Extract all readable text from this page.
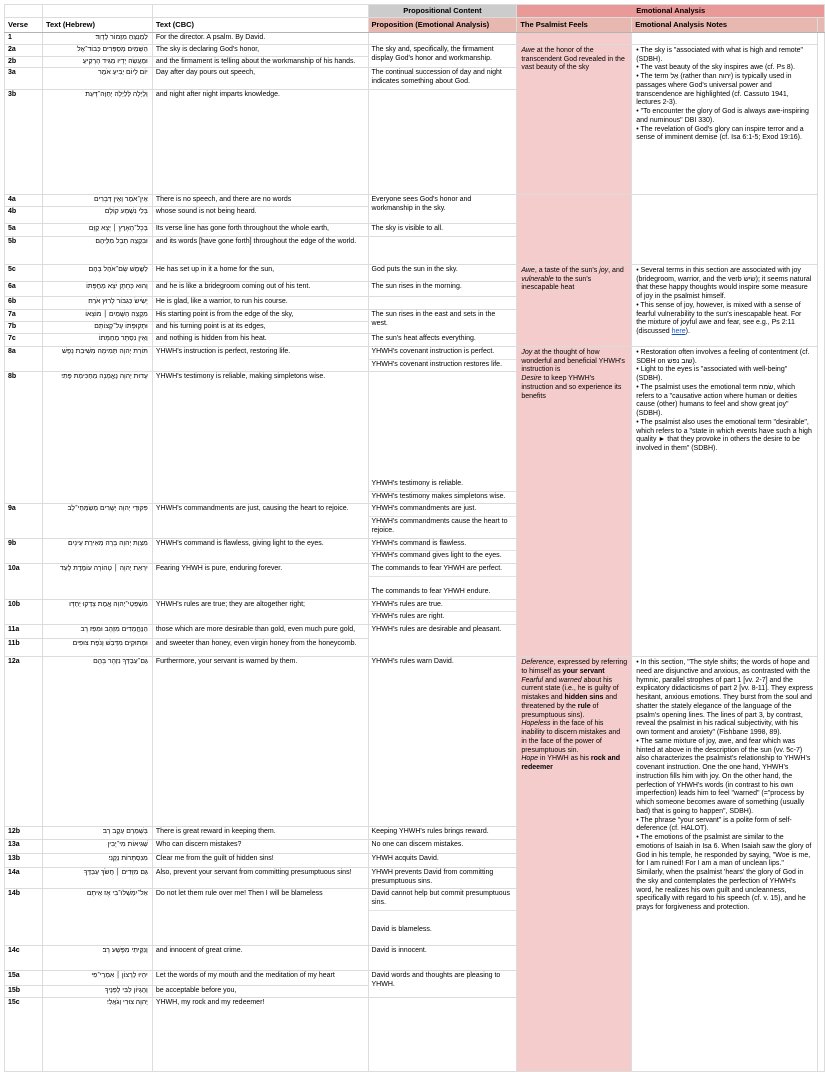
			Propositional Content	Emotional Analysis		
Verse	Text (Hebrew)	Text (CBC)	Proposition (Emotional Analysis)	The Psalmist Feels	Emotional Analysis Notes	
1	לַמְנַצֵּחַ מִזְמוֹר לְדָוִד׃	For the director. A psalm. By David.				
2a	הַשָּׁמַיִם מְסַפְּרִים כְּבוֹד־אֵל	The sky is declaring God's honor,	The sky and, specifically, the firmament display God's honor and workmanship.	Awe at the honor of the transcendent God revealed in the vast beauty of the sky	• The sky is "associated with what is high and remote" (SDBH).

• The vast beauty of the sky inspires awe (cf. Ps 8).

• The term אֵל (rather than יהוה) is typically used in passages where God's universal power and transcendence are highlighted (cf. Cassuto 1941, lectures 2-3).

• "To encounter the glory of God is always awe-inspiring and numinous" DBI 330).

• The revelation of God's glory can inspire terror and a sense of imminent demise (cf. Isa 6:1-5; Exod 19:16).	

2b	וּמַעֲשֵׂה יָדָיו מַגִּיד הָרָקִיעַ׃	and the firmament is telling about the workmanship of his hands.				
3a	יוֹם לְיוֹם יַבִּיעַ אֹמֶר	Day after day pours out speech,	The continual succession of day and night indicates something about God.			

3b	וְלַיְלָה לְּלַיְלָה יְחַוֶּה־דָּעַת׃	and night after night imparts knowledge.				
4a	אֵין־אֹמֶר וְאֵין דְּבָרִים	There is no speech, and there are no words	Everyone sees God's honor and workmanship in the sky.			

4b	בְּלִי נִשְׁמָע קוֹלָם׃	whose sound is not being heard.				
5a	בְּכָל־הָאָרֶץ ׀ יָצָא קַוָּם	Its verse line has gone forth throughout the whole earth,	The sky is visible to all.			

5b	וּבִקְצֵה תֵבֵל מִלֵּיהֶם	and its words [have gone forth] throughout the edge of the world.				
5c	לַשֶּׁמֶשׁ שָׂם־אֹהֶל בָּהֶם׃	He has set up in it a home for the sun,	God puts the sun in the sky.	Awe, a taste of the sun's joy, and vulnerable to the sun's inescapable heat	• Several terms in this section are associated with joy (bridegroom, warrior, and the verb שׂישׂ); it seems natural that these happy thoughts would inspire some measure of joy in the psalmist himself.

• This sense of joy, however, is mixed with a sense of fearful vulnerability to the sun's inescapable heat. For the mixture of joyful awe and fear, see e.g., Ps 2:11 (discussed here).	

6a	וְהוּא כְּחָתָן יֹצֵא מֵחֻפָּתוֹ	and he is like a bridegroom coming out of his tent.	The sun rises in the morning.			

6b	יָשִׂישׂ כְּגִבּוֹר לָרוּץ אֹרַח׃	He is glad, like a warrior, to run his course.				
7a	מִקְצֵה הַשָּׁמַיִם ׀ מוֹצָאוֹ	His starting point is from the edge of the sky,	The sun rises in the east and sets in the west.			

7b	וּתְקוּפָתוֹ עַל־קְצוֹתָם	and his turning point is at its edges,				
7c	וְאֵין נִסְתָּר מֵחַמָּתוֹ׃	and nothing is hidden from his heat.	The sun's heat affects everything.			

8a	תּוֹרַת יְהוָה תְּמִימָה מְשִׁיבַת נָפֶשׁ	YHWH's instruction is perfect, restoring life.	YHWH's covenant instruction is perfect.
YHWH's covenant instruction restores life.
	Joy at the thought of how wonderful and beneficial YHWH's instruction is
Desire to keep YHWH's instruction and so experience its benefits	

• Restoration often involves a feeling of contentment (cf. SDBH on שׁוב נפשׁ).

• Light to the eyes is "associated with well-being" (SDBH).

• The psalmist uses the emotional term שׂמח, which refers to a "causative action where human or deities cause (other) humans to feel and show great joy" (SDBH).

• The psalmist also uses the emotional term "desirable", which refers to a "state in which events have such a high quality ► that they provoke in others the desire to be involved in them" (SDBH).

8b	עֵדוּת יְהוָה נֶאֱמָנָה מַחְכִּימַת פֶּתִי׃	YHWH's testimony is reliable, making simpletons wise.	YHWH's testimony is reliable.
YHWH's testimony makes simpletons wise.			

9a	פִּקּוּדֵי יְהוָה יְשָׁרִים מְשַׂמְּחֵי־לֵב	YHWH's commandments are just, causing the heart to rejoice.	YHWH's commandments are just.
YHWH's commandments cause the heart to rejoice.			

9b	מִצְוַת יְהוָה בָּרָה מְאִירַת עֵינָיִם׃	YHWH's command is flawless, giving light to the eyes.	YHWH's command is flawless.
YHWH's command gives light to the eyes.			

10a	יִרְאַת יְהוָה ׀ טְהוֹרָה עוֹמֶדֶת לָעַד	Fearing YHWH is pure, enduring forever.	The commands to fear YHWH are perfect.
The commands to fear YHWH endure.			

10b	מִשְׁפְּטֵי־יְהוָה אֱמֶת צָדְקוּ יַחְדָּו׃	YHWH's rules are true; they are altogether right;	YHWH's rules are true.
YHWH's rules are right.			

11a	הַנֶּחֱמָדִים מִזָּהָב וּמִפַּז רָב	those which are more desirable than gold, even much pure gold,	YHWH's rules are desirable and pleasant.			

11b	וּמְתוּקִים מִדְּבַשׁ וְנֹפֶת צוּפִים׃	and sweeter than honey, even virgin honey from the honeycomb.				
12a	גַּם־עַבְדְּךָ נִזְהָר בָּהֶם	Furthermore, your servant is warned by them.	YHWH's rules warn David.	Deference, expressed by referring to himself as your servant
Fearful and warned about his current state (i.e., he is guilty of mistakes and hidden sins and threatened by the rule of presumptuous sins).
Hopeless in the face of his inability to discern mistakes and in the face of the power of presumptuous sin.
Hope in YHWH as his rock and redeemer	

• In this section, "The style shifts; the words of hope and need are disjunctive and anxious, as contrasted with the hymnic, parallel strophes of part 1 [vv. 2-7] and the explicatory didacticisms of part 2 [vv. 8-11]. They express hesitant, anxious emotions. They burst from the soul and shatter the stately elegance of the language of the psalm's opening lines. The lines of part 3, by contrast, reveal the psalmist in his radical subjectivity, with his own torment and anxiety" (Fishbane 1998, 89).

• The same mixture of joy, awe, and fear which was hinted at above in the description of the sun (vv. 5c-7) also characterizes the psalmist's relationship to YHWH's covenant instruction. One the one hand, YHWH's instruction fills him with joy. On the other hand, the perfection of YHWH's words (in contrast to his own imperfection) leads him to feel "warned" (="process by which someone becomes aware of something (usually bad) that is going to happen", SDBH).

• The phrase "your servant" is a polite form of self-deference (cf. HALOT).

• The emotions of the psalmist are similar to the emotions of Isaiah in Isa 6. When Isaiah saw the glory of God in his temple, he responded by saying, "Woe is me, for I am ruined! For I am a man of unclean lips." Similarly, when the psalmist 'hears' the glory of God in the sky and contemplates the perfection of YHWH's word, he realizes his own guilt and uncleanness, specifically with regard to his speech (cf. v. 15), and he prays for forgiveness and protection.

12b	בְּשָׁמְרָם עֵקֶב רָב׃	There is great reward in keeping them.	Keeping YHWH's rules brings reward.			

13a	שְׁגִיאוֹת מִי־יָבִין	Who can discern mistakes?	No one can discern mistakes.			

13b	מִנִּסְתָּרוֹת נַקֵּנִי׃	Clear me from the guilt of hidden sins!	YHWH acquits David.			

14a	גַּם מִזֵּדִים ׀ חֲשֹׂךְ עַבְדֶּךָ	Also, prevent your servant from committing presumptuous sins!	YHWH prevents David from committing presumptuous sins.			

14b	אַל־יִמְשְׁלוּ־בִי אָז אֵיתָם	Do not let them rule over me! Then I will be blameless	David cannot help but commit presumptuous sins.
David is blameless.			

14c	וְנִקֵּיתִי מִפֶּשַׁע רָב׃	and innocent of great crime.	David is innocent.			

15a	יִהְיוּ לְרָצוֹן ׀ אִמְרֵי־פִי	Let the words of my mouth and the meditation of my heart	David words and thoughts are pleasing to YHWH.			

15b	וְהֶגְיוֹן לִבִּי לְפָנֶיךָ	be acceptable before you,				
15c	יְהוָה צוּרִי וְגֹאֲלִי׃	YHWH, my rock and my redeemer!				
